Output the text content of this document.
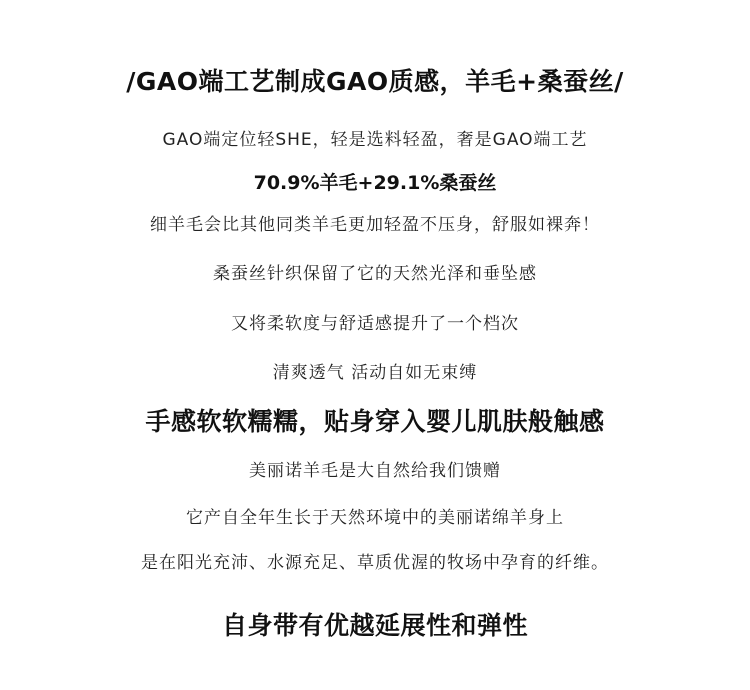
/GAO端工艺制成GAO质感，羊毛+桑蚕丝/
GAO端定位轻SHE，轻是选料轻盈，奢是GAO端工艺
70.9%羊毛+29.1%桑蚕丝
细羊毛会比其他同类羊毛更加轻盈不压身，舒服如裸奔！
桑蚕丝针织保留了它的天然光泽和垂坠感
又将柔软度与舒适感提升了一个档次
清爽透气 活动自如无束缚
手感软软糯糯，贴身穿入婴儿肌肤般触感
美丽诺羊毛是大自然给我们馈赠
它产自全年生长于天然环境中的美丽诺绵羊身上
是在阳光充沛、水源充足、草质优渥的牧场中孕育的纤维。
自身带有优越延展性和弹性
